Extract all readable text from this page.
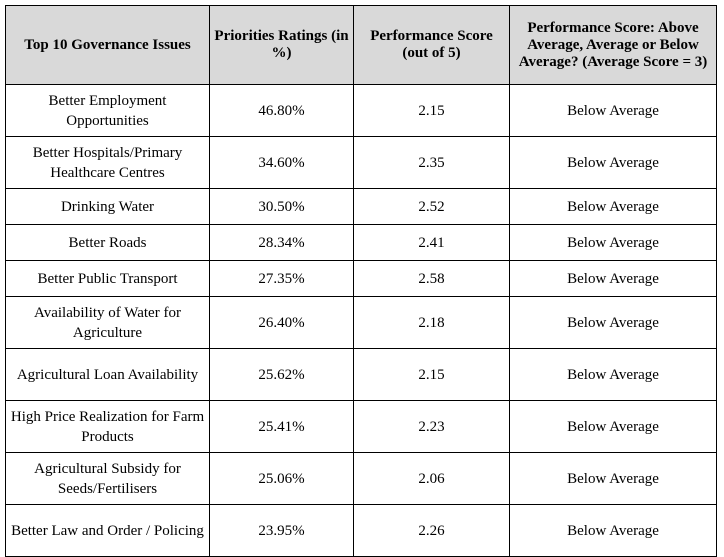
Top 10 Governance Issues	Priorities Ratings (in %)	Performance Score (out of 5)	Performance Score: Above Average, Average or Below Average? (Average Score = 3)
Better Employment Opportunities	46.80%	2.15	Below Average
Better Hospitals/Primary Healthcare Centres	34.60%	2.35	Below Average
Drinking Water	30.50%	2.52	Below Average
Better Roads	28.34%	2.41	Below Average
Better Public Transport	27.35%	2.58	Below Average
Availability of Water for Agriculture	26.40%	2.18	Below Average
Agricultural Loan Availability	25.62%	2.15	Below Average
High Price Realization for Farm Products	25.41%	2.23	Below Average
Agricultural Subsidy for Seeds/Fertilisers	25.06%	2.06	Below Average
Better Law and Order / Policing	23.95%	2.26	Below Average
